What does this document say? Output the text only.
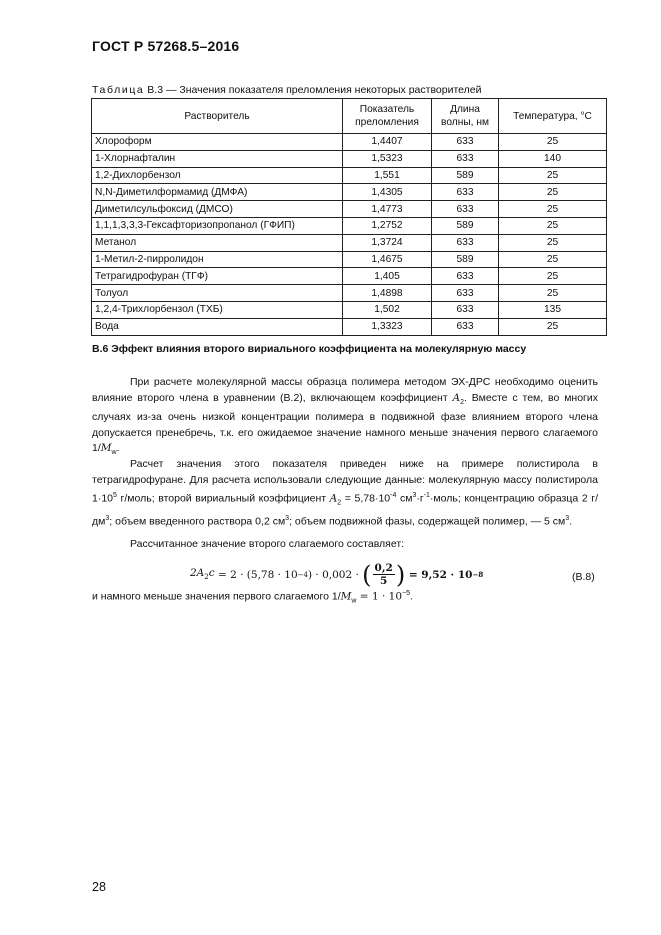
ГОСТ Р 57268.5–2016
Таблица В.3 — Значения показателя преломления некоторых растворителей
Растворитель	Показатель преломления	Длина волны, нм	Температура, °С
Хлороформ	1,4407	633	25
1-Хлорнафталин	1,5323	633	140
1,2-Дихлорбензол	1,551	589	25
N,N-Диметилформамид (ДМФА)	1,4305	633	25
Диметилсульфоксид (ДМСО)	1,4773	633	25
1,1,1,3,3,3-Гексафторизопропанол (ГФИП)	1,2752	589	25
Метанол	1,3724	633	25
1-Метил-2-пирролидон	1,4675	589	25
Тетрагидрофуран (ТГФ)	1,405	633	25
Толуол	1,4898	633	25
1,2,4-Трихлорбензол (ТХБ)	1,502	633	135
Вода	1,3323	633	25
В.6 Эффект влияния второго вириального коэффициента на молекулярную массу
При расчете молекулярной массы образца полимера методом ЭХ-ДРС необходимо оценить влияние второго члена в уравнении (В.2), включающем коэффициент $A_2$. Вместе с тем, во многих случаях из-за очень низкой концентрации полимера в подвижной фазе влиянием второго члена допускается пренебречь, т.к. его ожидаемое значение намного меньше значения первого слагаемого $1/M_w$.
Расчет значения этого показателя приведен ниже на примере полистирола в тетрагидрофуране. Для расчета использовали следующие данные: молекулярную массу полистирола $1\cdot 10^5$ г/моль; второй вириальный коэффициент $A_2 = 5,78\cdot 10^{-4}$ $см^3\cdot г^{-1}\cdot моль$; концентрацию образца 2 $г/дм^3$; объем введенного раствора 0,2 $см^3$; объем подвижной фазы, содержащей полимер, — 5 $см^3$.
Рассчитанное значение второго слагаемого составляет:
$2A_2c = 2 \cdot (5,78 \cdot 10 -4$ ) · 0,002 · ( $\frac{0,2}{5}$ ) = 9,52 · 10 −8	(В.8)
и намного меньше значения первого слагаемого $1/M_w = 1 \cdot 10^{-5}$.
28
